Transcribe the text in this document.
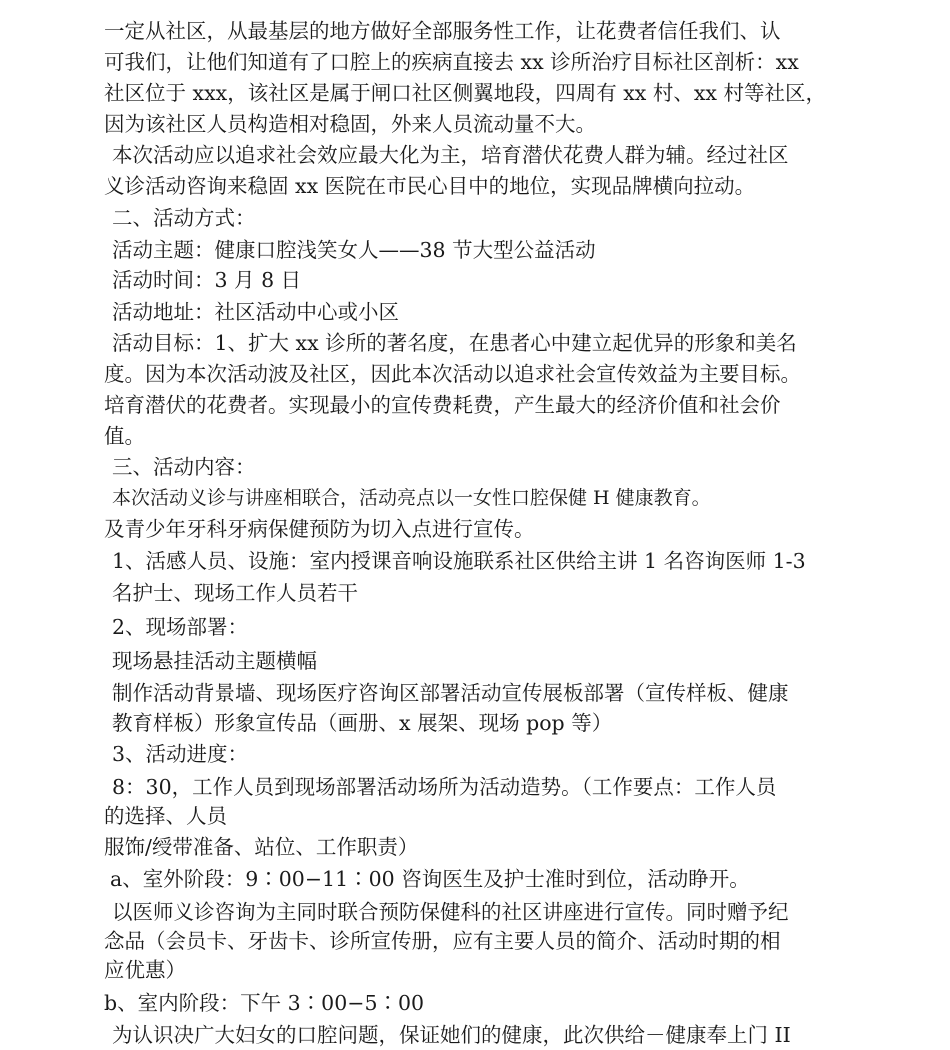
一定从社区，从最基层的地方做好全部服务性工作，让花费者信任我们、认
可我们，让他们知道有了口腔上的疾病直接去 xx 诊所治疗目标社区剖析：xx
社区位于 xxx，该社区是属于闸口社区侧翼地段，四周有 xx 村、xx 村等社区，
因为该社区人员构造相对稳固，外来人员流动量不大。
本次活动应以追求社会效应最大化为主，培育潜伏花费人群为辅。经过社区
义诊活动咨询来稳固 xx 医院在市民心目中的地位，实现品牌横向拉动。
二、活动方式：
活动主题：健康口腔浅笑女人——38 节大型公益活动
活动时间：3 月 8 日
活动地址：社区活动中心或小区
活动目标：1、扩大 xx 诊所的著名度，在患者心中建立起优异的形象和美名
度。因为本次活动波及社区，因此本次活动以追求社会宣传效益为主要目标。
培育潜伏的花费者。实现最小的宣传费耗费，产生最大的经济价值和社会价
值。
三、活动内容：
本次活动义诊与讲座相联合，活动亮点以一女性口腔保健 H 健康教育。
及青少年牙科牙病保健预防为切入点进行宣传。
1、活感人员、设施：室内授课音响设施联系社区供给主讲 1 名咨询医师 1-3
名护士、现场工作人员若干
2、现场部署：
现场悬挂活动主题横幅
制作活动背景墙、现场医疗咨询区部署活动宣传展板部署（宣传样板、健康
教育样板）形象宣传品（画册、x 展架、现场 pop 等）
3、活动进度：
8：30，工作人员到现场部署活动场所为活动造势。（工作要点：工作人员
的选择、人员
服饰/绶带准备、站位、工作职责）
a、室外阶段：9∶00−11∶00 咨询医生及护士准时到位，活动睁开。
以医师义诊咨询为主同时联合预防保健科的社区讲座进行宣传。同时赠予纪
念品（会员卡、牙齿卡、诊所宣传册，应有主要人员的简介、活动时期的相
应优惠）
b、室内阶段：下午 3∶00−5∶00
为认识决广大妇女的口腔问题，保证她们的健康，此次供给－健康奉上门 II
